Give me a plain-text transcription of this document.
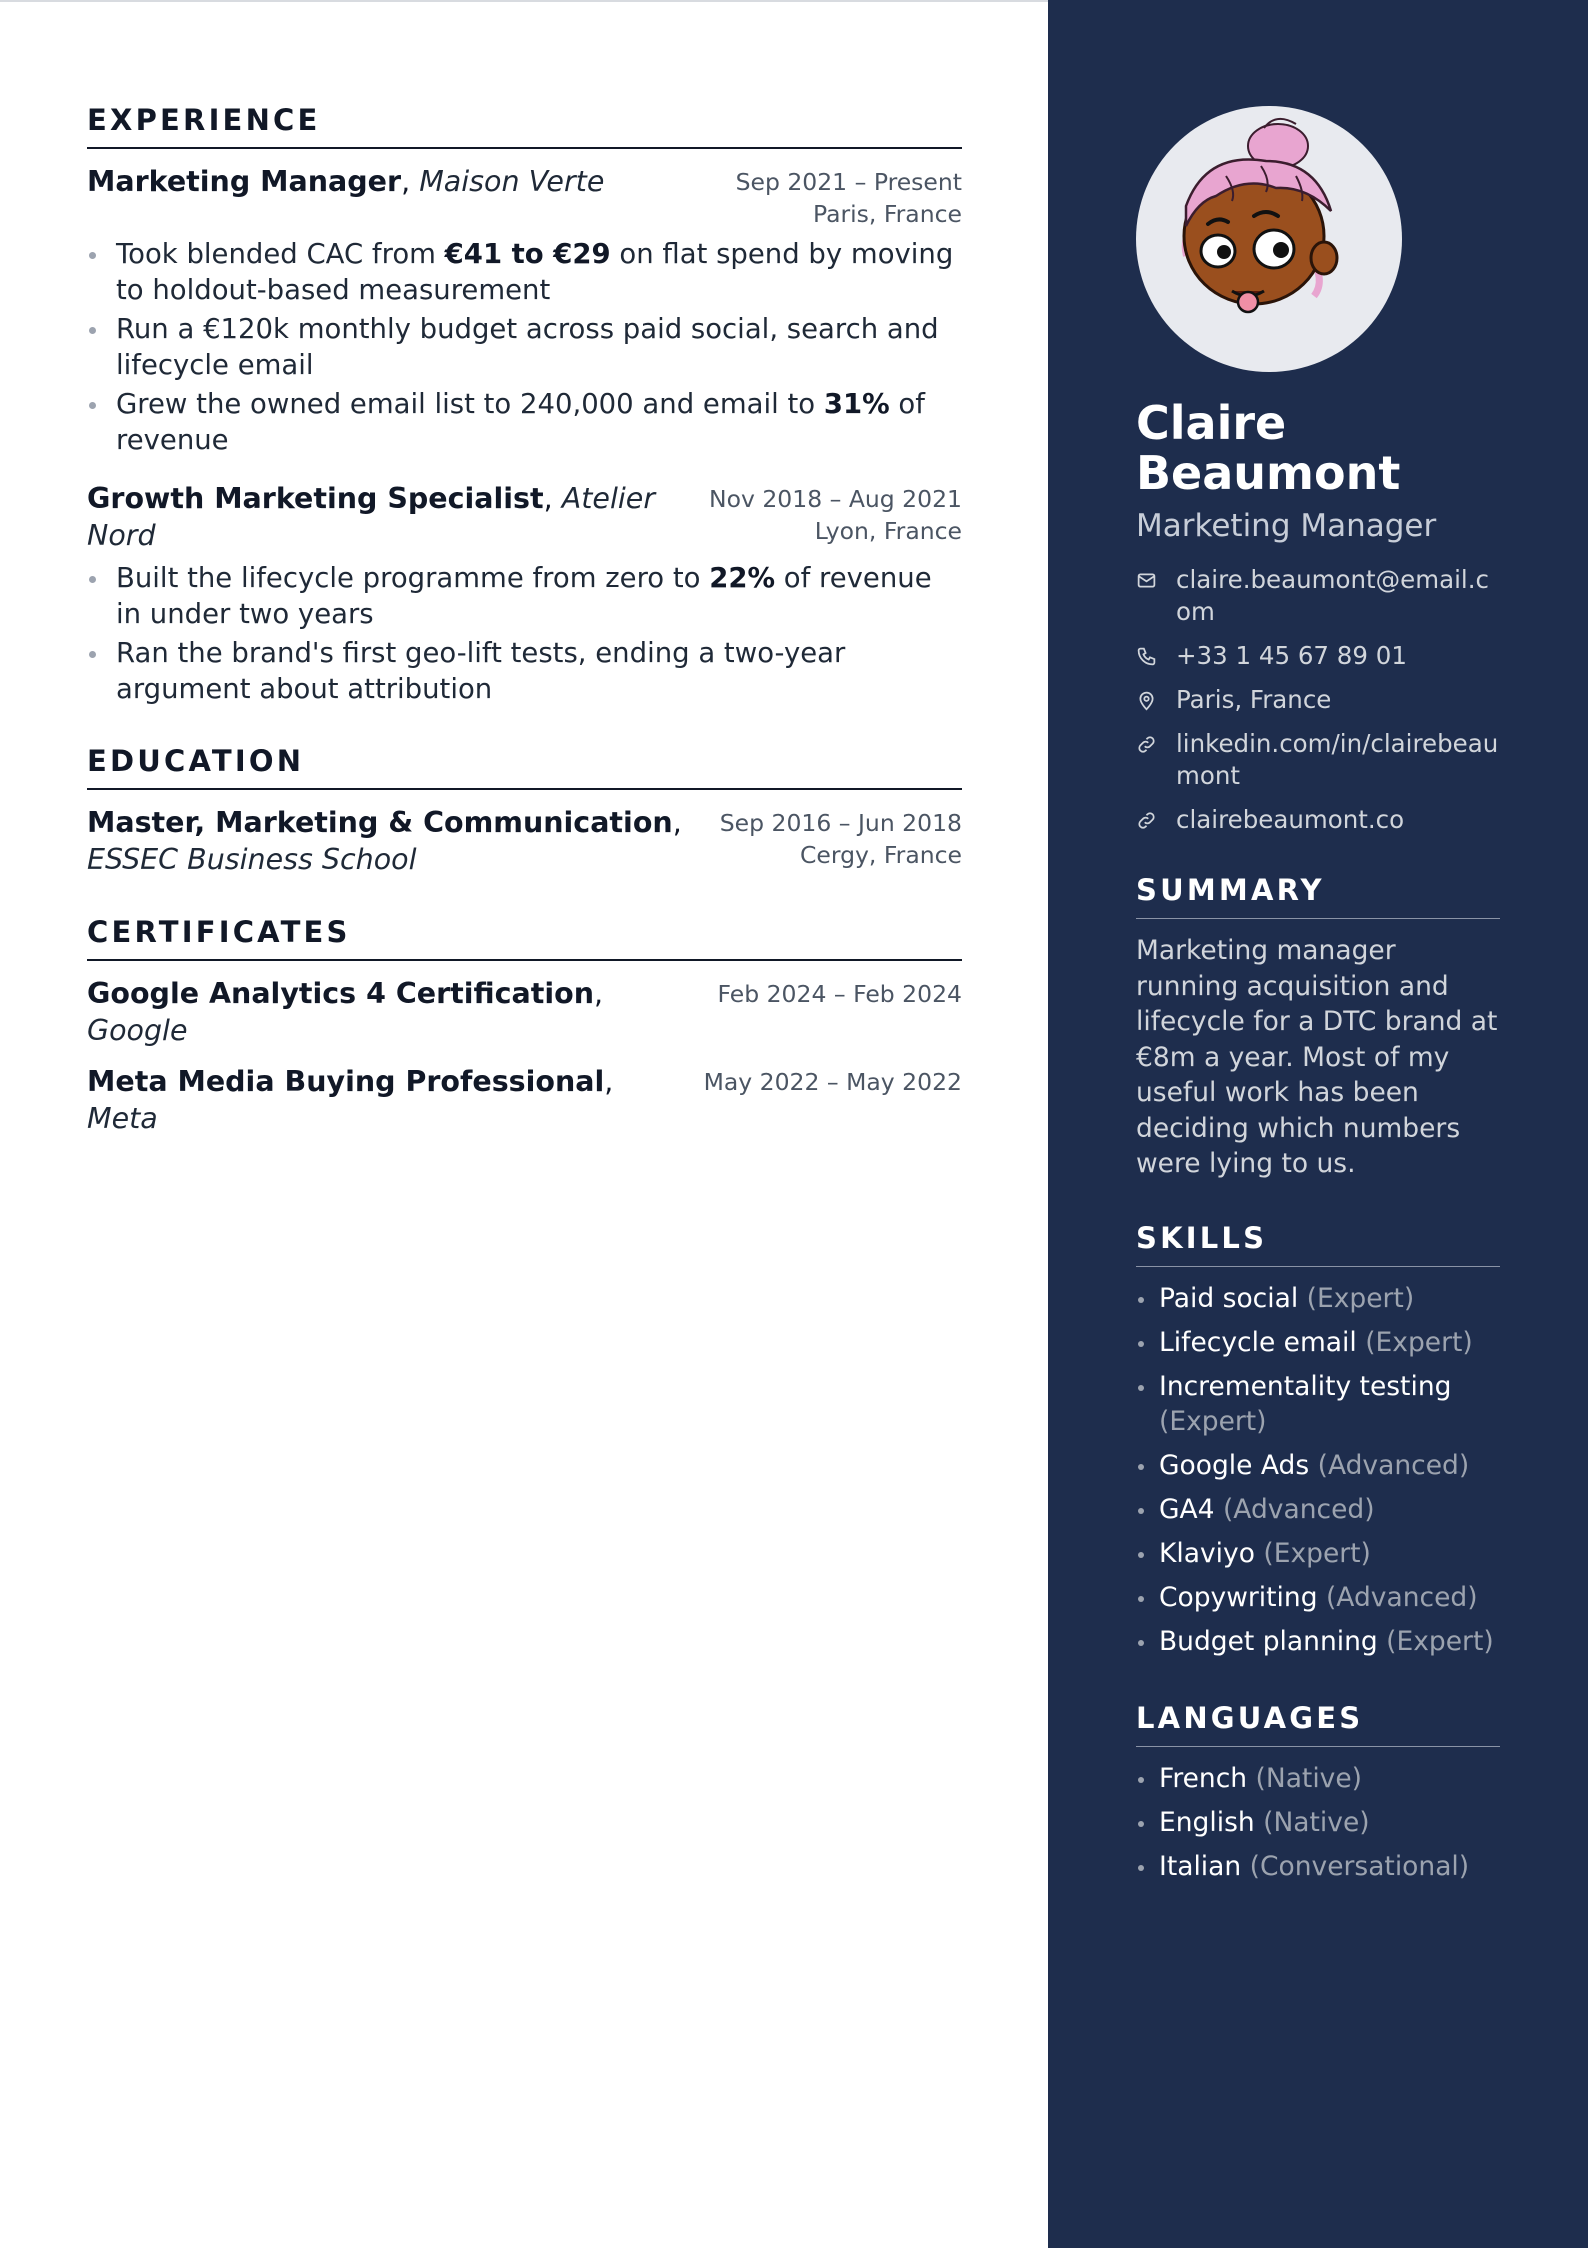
EXPERIENCE
Marketing Manager, Maison Verte	Sep 2021 – Present
Paris, France
Took blended CAC from €41 to €29 on flat spend by moving to holdout-based measurement
Run a €120k monthly budget across paid social, search and lifecycle email
Grew the owned email list to 240,000 and email to 31% of revenue
Growth Marketing Specialist, Atelier Nord
Nov 2018 – Aug 2021
Lyon, France
Built the lifecycle programme from zero to 22% of revenue in under two years
Ran the brand's first geo-lift tests, ending a two-year argument about attribution
EDUCATION
Master, Marketing & Communication, ESSEC Business School
Sep 2016 – Jun 2018
Cergy, France
CERTIFICATES
Google Analytics 4 Certification, Google
Feb 2024 – Feb 2024
Meta Media Buying Professional, Meta
May 2022 – May 2022
Claire
Beaumont
Marketing Manager
claire.beaumont@email.com
+33 1 45 67 89 01
Paris, France
linkedin.com/in/clairebeaumont
clairebeaumont.co
SUMMARY
Marketing manager running acquisition and lifecycle for a DTC brand at €8m a year. Most of my useful work has been deciding which numbers were lying to us.
SKILLS
Paid social (Expert)
Lifecycle email (Expert)
Incrementality testing (Expert)
Google Ads (Advanced)
GA4 (Advanced)
Klaviyo (Expert)
Copywriting (Advanced)
Budget planning (Expert)
LANGUAGES
French (Native)
English (Native)
Italian (Conversational)
